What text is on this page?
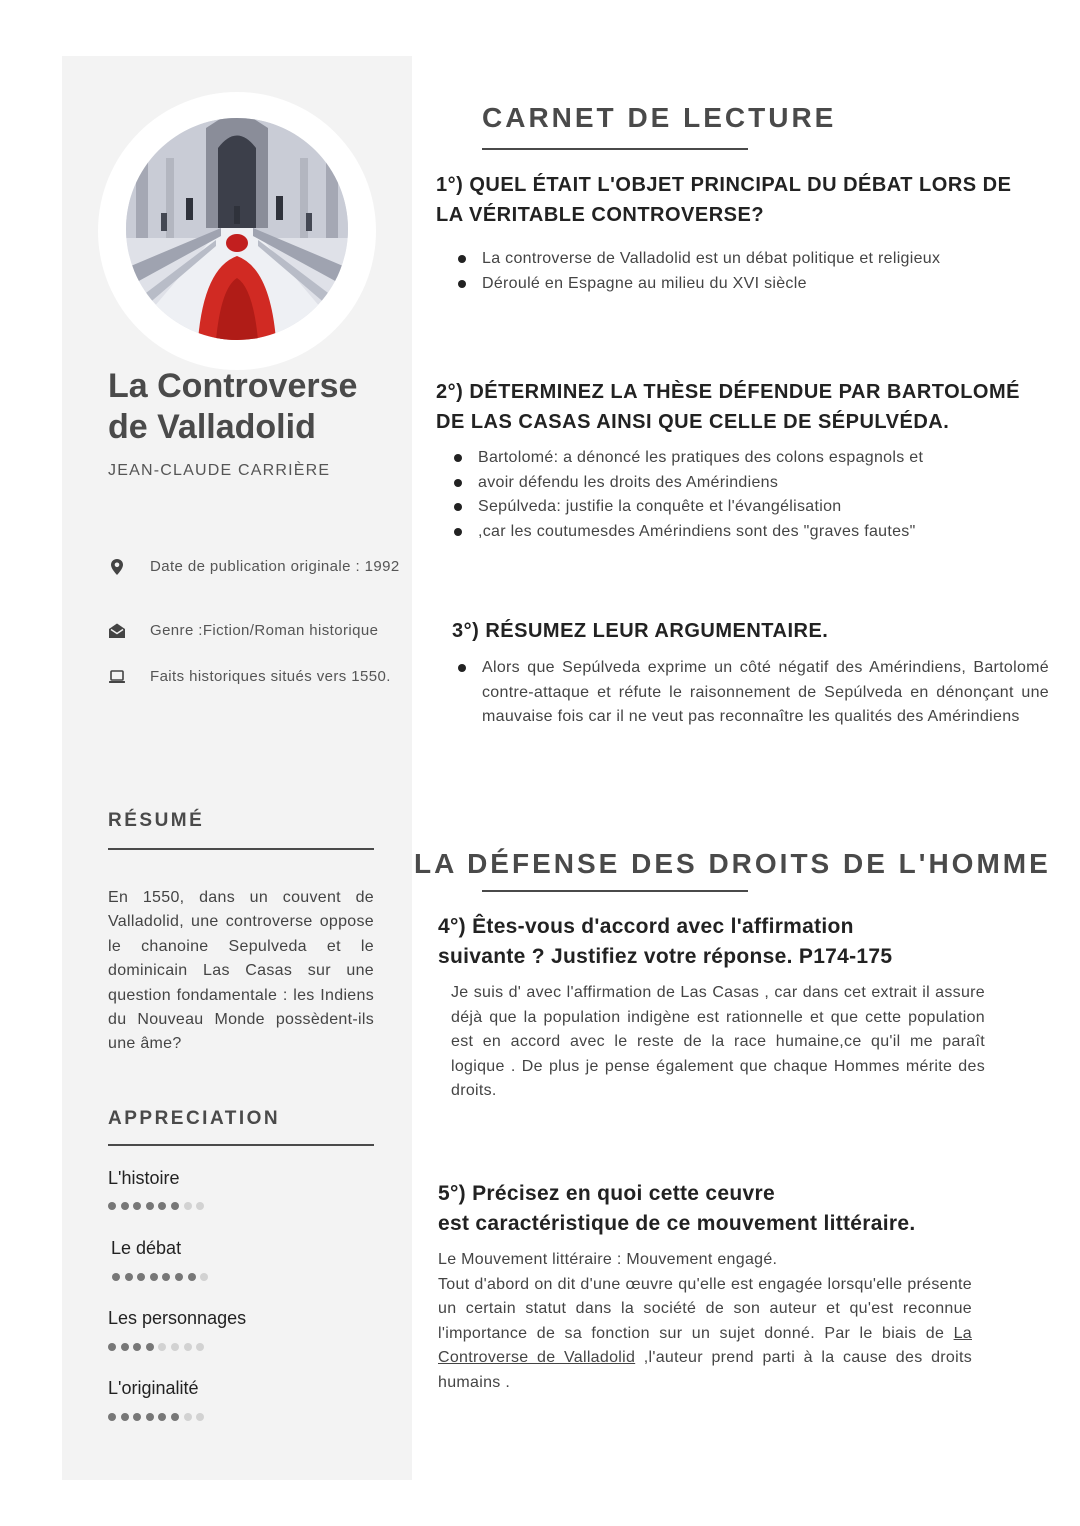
La Controverse
de Valladolid
JEAN-CLAUDE CARRIÈRE
Date de publication originale : 1992
Genre :Fiction/Roman historique
Faits historiques situés vers 1550.
RÉSUMÉ

En 1550, dans un couvent de Valladolid, une controverse oppose le chanoine Sepulveda et le dominicain Las Casas sur une question fondamentale : les Indiens du Nouveau Monde possèdent-ils une âme?

APPRECIATION
L'histoire
Le débat
Les personnages
L'originalité
CARNET DE LECTURE
1°) QUEL ÉTAIT L'OBJET PRINCIPAL DU DÉBAT LORS DE
LA VÉRITABLE CONTROVERSE?
La controverse de Valladolid est un débat politique et religieux
Déroulé en Espagne au milieu du XVI siècle
2°) DÉTERMINEZ LA THÈSE DÉFENDUE PAR BARTOLOMÉ
DE LAS CASAS AINSI QUE CELLE DE SÉPULVÉDA.
Bartolomé: a dénoncé les pratiques des colons espagnols et
avoir défendu les droits des Amérindiens
Sepúlveda: justifie la conquête et l'évangélisation
,car les coutumesdes Amérindiens sont des "graves fautes"
3°) RÉSUMEZ LEUR ARGUMENTAIRE.
Alors que Sepúlveda exprime un côté négatif des Amérindiens, Bartolomé contre-attaque et réfute le raisonnement de Sepúlveda en dénonçant une mauvaise fois car il ne veut pas reconnaître les qualités des Amérindiens
LA DÉFENSE DES DROITS DE L'HOMME
4°) Êtes-vous d'accord avec l'affirmation
suivante ? Justifiez votre réponse. P174-175

Je suis d' avec l'affirmation de Las Casas , car dans cet extrait il assure déjà que la population indigène est rationnelle et que cette population est en accord avec le reste de la race humaine,ce qu'il me paraît logique . De plus je pense également que chaque Hommes mérite des droits.

5°) Précisez en quoi cette ceuvre
est caractéristique de ce mouvement littéraire.

Le Mouvement littéraire : Mouvement engagé.

Tout d'abord on dit d'une œuvre qu'elle est engagée lorsqu'elle présente un certain statut dans la société de son auteur et qu'est reconnue l'importance de sa fonction sur un sujet donné. Par le biais de La Controverse de Valladolid ,l'auteur prend parti à la cause des droits humains .
